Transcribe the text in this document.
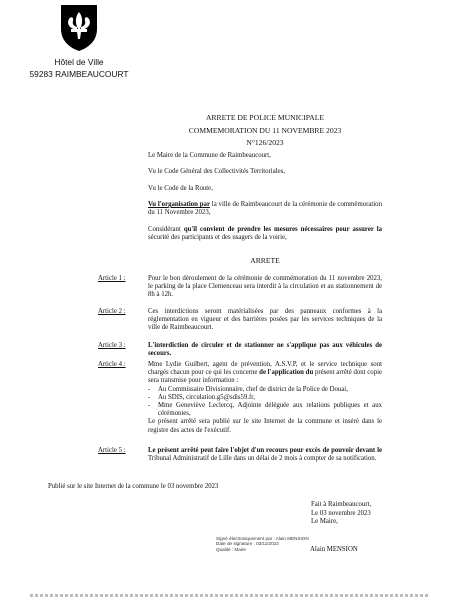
Hôtel de Ville
59283 RAIMBEAUCOURT
ARRETE DE POLICE MUNICIPALE
COMMEMORATION DU 11 NOVEMBRE 2023
N°126/2023
Le Maire de la Commune de Raimbeaucourt,
Vu le Code Général des Collectivités Territoriales,
Vu le Code de la Route,
Vu l'organisation par la ville de Raimbeaucourt de la cérémonie de commémoration du 11 Novembre 2023,
Considérant qu'il convient de prendre les mesures nécessaires pour assurer la sécurité des participants et des usagers de la voirie,
ARRETE
Article 1 :	Pour le bon déroulement de la cérémonie de commémoration du 11 novembre 2023, le parking de la place Clemenceau sera interdit à la circulation et au stationnement de 8h à 12h.
Article 2 :	Ces interdictions seront matérialisées par des panneaux conformes à la réglementation en vigueur et des barrières posées par les services techniques de la ville de Raimbeaucourt.
Article 3 :	L'interdiction de circuler et de stationner ne s'applique pas aux véhicules de secours.
Article 4 :	Mme Lydie Guilbert, agent de prévention, A.S.V.P, et le service technique sont chargés chacun pour ce qui les concerne de l'application du présent arrêté dont copie sera transmise pour information :
- Au Commissaire Divisionnaire, chef de district de la Police de Douai,
- Au SDIS, circulation.g5@sdis59.fr,
- Mme Geneviève Leclercq, Adjointe déléguée aux relations publiques et aux cérémonies,
Le présent arrêté sera publié sur le site Internet de la commune et inséré dans le registre des actes de l'exécutif.
Article 5 :	Le présent arrêté peut faire l'objet d'un recours pour excès de pouvoir devant le Tribunal Administratif de Lille dans un délai de 2 mois à compter de sa notification.
Publié sur le site Internet de la commune le 03 novembre 2023
Fait à Raimbeaucourt,
Le 03 novembre 2023
Le Maire,
Signé électroniquement par : Alain MENSION
Date de signature : 03/11/2023
Qualité : Maire	Alain MENSION
